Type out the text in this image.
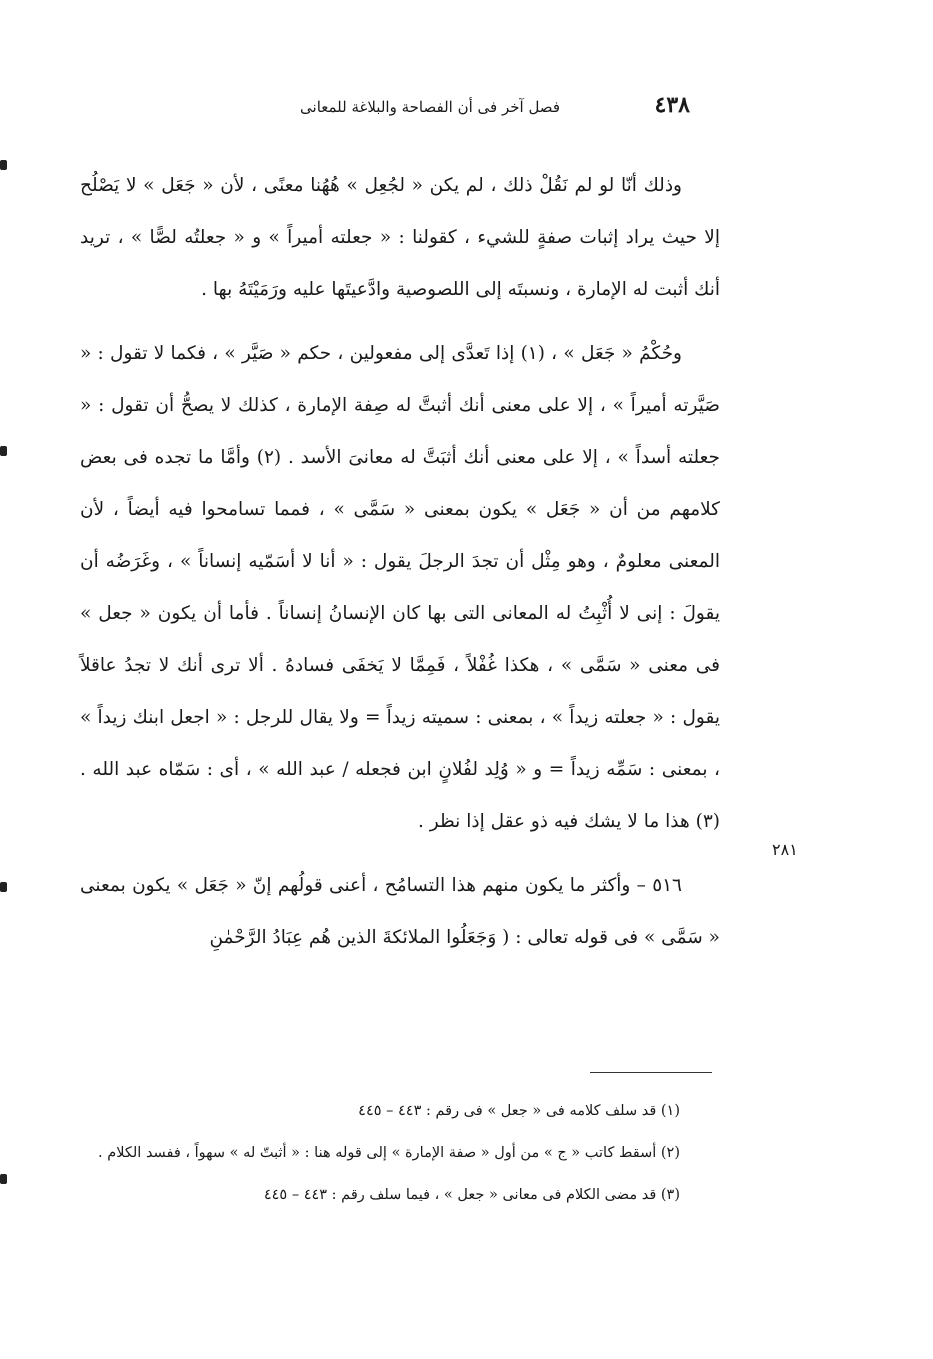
٤٣٨
فصل آخر فى أن الفصاحة والبلاغة للمعانى

وذلك أنّا لو لم نَقُلْ ذلك ، لم يكن « لجُعِل » هُهُنا معنًى ، لأن « جَعَل » لا يَصْلُح إلا حيث يراد إثبات صفةٍ للشيء ، كقولنا : « جعلته أميراً » و « جعلتُه لصًّا » ، تريد أنك أثبت له الإمارة ، ونسبتَه إلى اللصوصية وادَّعيتَها عليه ورَمَيْتَهُ بها .

وحُكْمُ « جَعَل » ، (١) إذا تَعدَّى إلى مفعولين ، حكم « صَيَّر » ، فكما لا تقول : « صَيَّرته أميراً » ، إلا على معنى أنك أثبتَّ له صِفة الإمارة ، كذلك لا يصحُّ أن تقول : « جعلته أسداً » ، إلا على معنى أنك أثبَتَّ له معانىَ الأسد . (٢) وأمَّا ما تجده فى بعض كلامهم من أن « جَعَل » يكون بمعنى « سَمَّى » ، فمما تسامحوا فيه أيضاً ، لأن المعنى معلومٌ ، وهو مِثْل أن تجدَ الرجلَ يقول : « أنا لا أسَمّيه إنساناً » ، وغَرَضُه أن يقولَ : إنى لا أُثْبِتُ له المعانى التى بها كان الإنسانُ إنساناً . فأما أن يكون « جعل » فى معنى « سَمَّى » ، هكذا غُفْلاً ، فَمِمَّا لا يَخفَى فسادهُ . ألا ترى أنك لا تجدُ عاقلاً يقول : « جعلته زيداً » ، بمعنى : سميته زيداً = ولا يقال للرجل : « اجعل ابنك زيداً » ، بمعنى : سَمِّه زيداً = و « وُلِد لفُلانٍ ابن فجعله / عبد الله » ، أى : سَمّاه عبد الله . (٣) هذا ما لا يشك فيه ذو عقل إذا نظر .

٥١٦ – وأكثر ما يكون منهم هذا التسامُح ، أعنى قولُهم إنّ « جَعَل » يكون بمعنى « سَمَّى » فى قوله تعالى : ( وَجَعَلُوا الملائكةَ الذين هُم عِبَادُ الرَّحْمٰنِ

٢٨١
(١) قد سلف كلامه فى « جعل » فى رقم : ٤٤٣ – ٤٤٥
(٢) أسقط كاتب « ج » من أول « صفة الإمارة » إلى قوله هنا : « أثبتّ له » سهواً ، ففسد الكلام .
(٣) قد مضى الكلام فى معانى « جعل » ، فيما سلف رقم : ٤٤٣ – ٤٤٥
